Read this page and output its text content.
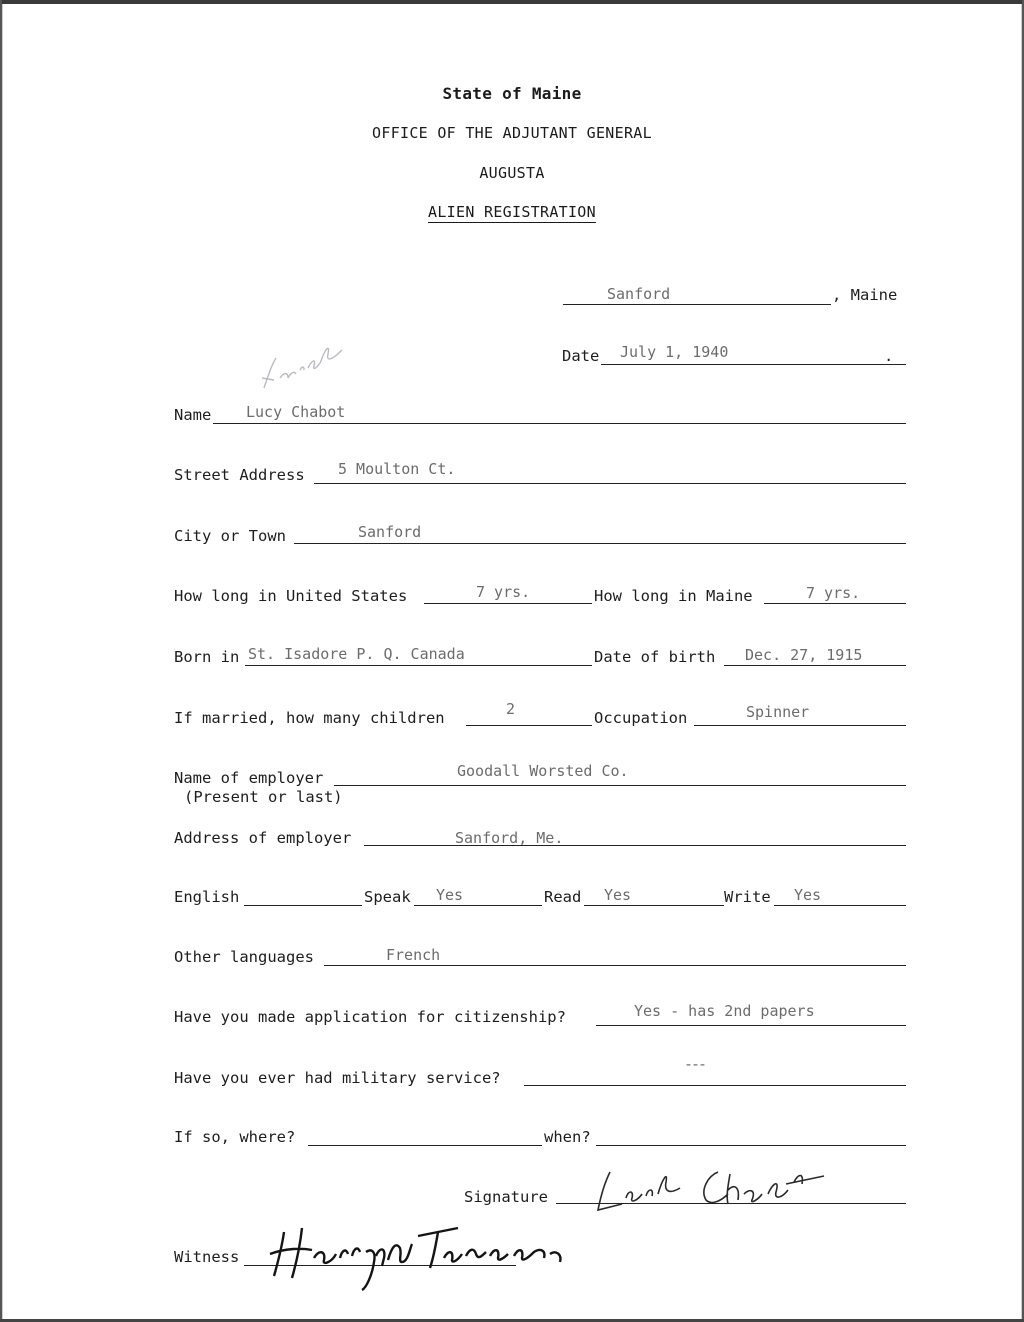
State of Maine
OFFICE OF THE ADJUTANT GENERAL
AUGUSTA
ALIEN REGISTRATION
Sanford	, Maine
Date July 1, 1940	.
Lucile
Name Lucy Chabot
Street Address 5 Moulton Ct.
City or Town	Sanford
How long in United States	7 yrs.	How long in Maine	7 yrs.
Born in St. Isadore P. Q. Canada	Date of birth Dec. 27, 1915
If married, how many children	2	Occupation	Spinner
Name of employer	Goodall Worsted Co.
(Present or last)
Address of employer	Sanford, Me.
English	Speak Yes	Read Yes	Write Yes
Other languages	French
Have you made application for citizenship?	Yes - has 2nd papers
Have you ever had military service?
---
If so, where?	when?
Signature	Lucile Chabot
Witness	Harry M Turner
